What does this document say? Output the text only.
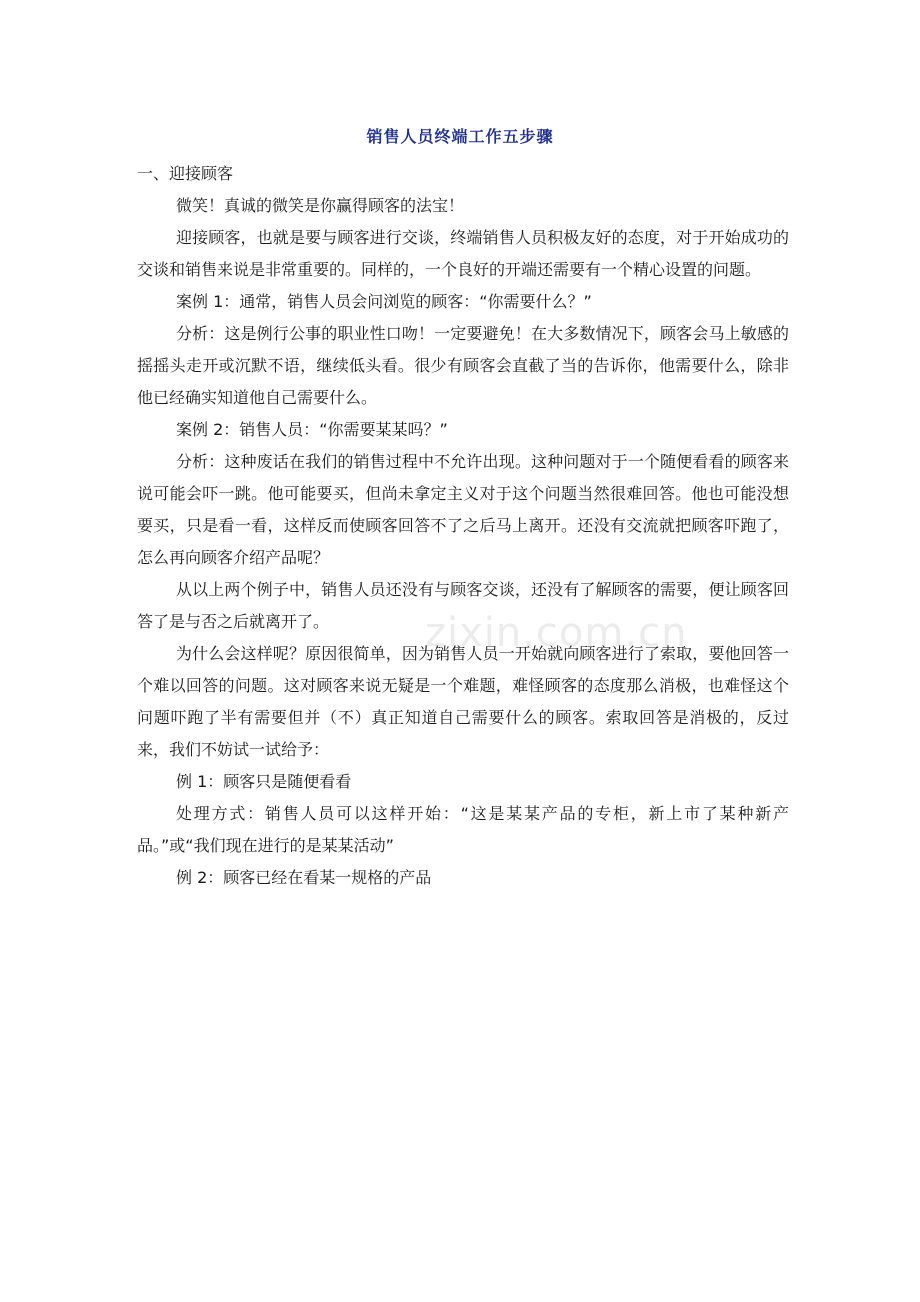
zixin.com.cn
销售人员终端工作五步骤

一、迎接顾客

微笑！真诚的微笑是你赢得顾客的法宝！

迎接顾客，也就是要与顾客进行交谈，终端销售人员积极友好的态度，对于开始成功的交谈和销售来说是非常重要的。同样的，一个良好的开端还需要有一个精心设置的问题。

案例 1：通常，销售人员会问浏览的顾客：“你需要什么？”

分析：这是例行公事的职业性口吻！一定要避免！在大多数情况下，顾客会马上敏感的摇摇头走开或沉默不语，继续低头看。很少有顾客会直截了当的告诉你，他需要什么，除非他已经确实知道他自己需要什么。

案例 2：销售人员：“你需要某某吗？”

分析：这种废话在我们的销售过程中不允许出现。这种问题对于一个随便看看的顾客来说可能会吓一跳。他可能要买，但尚未拿定主义对于这个问题当然很难回答。他也可能没想要买，只是看一看，这样反而使顾客回答不了之后马上离开。还没有交流就把顾客吓跑了，怎么再向顾客介绍产品呢？

从以上两个例子中，销售人员还没有与顾客交谈，还没有了解顾客的需要，便让顾客回答了是与否之后就离开了。

为什么会这样呢？原因很简单，因为销售人员一开始就向顾客进行了索取，要他回答一个难以回答的问题。这对顾客来说无疑是一个难题，难怪顾客的态度那么消极，也难怪这个问题吓跑了半有需要但并（不）真正知道自己需要什么的顾客。索取回答是消极的，反过来，我们不妨试一试给予：

例 1：顾客只是随便看看

处理方式：销售人员可以这样开始：“这是某某产品的专柜，新上市了某种新产品。”或“我们现在进行的是某某活动”

例 2：顾客已经在看某一规格的产品
